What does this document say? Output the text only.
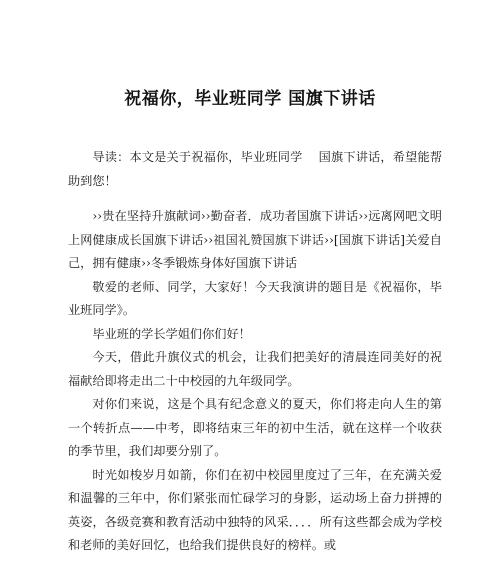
祝福你，毕业班同学 国旗下讲话

导读：本文是关于祝福你，毕业班同学 国旗下讲话，希望能帮助到您！

››贵在坚持升旗献词››勤奋者．成功者国旗下讲话››远离网吧文明上网健康成长国旗下讲话››祖国礼赞国旗下讲话››[国旗下讲话]关爱自己，拥有健康››冬季锻炼身体好国旗下讲话

敬爱的老师、同学，大家好！今天我演讲的题目是《祝福你，毕业班同学》。

毕业班的学长学姐们你们好！

今天，借此升旗仪式的机会，让我们把美好的清晨连同美好的祝福献给即将走出二十中校园的九年级同学。

对你们来说，这是个具有纪念意义的夏天，你们将走向人生的第一个转折点——中考，即将结束三年的初中生活，就在这样一个收获的季节里，我们却要分别了。

时光如梭岁月如箭，你们在初中校园里度过了三年，在充满关爱和温馨的三年中，你们紧张而忙碌学习的身影，运动场上奋力拼搏的英姿，各级竞赛和教育活动中独特的风采．．．．所有这些都会成为学校和老师的美好回忆，也给我们提供良好的榜样。或
